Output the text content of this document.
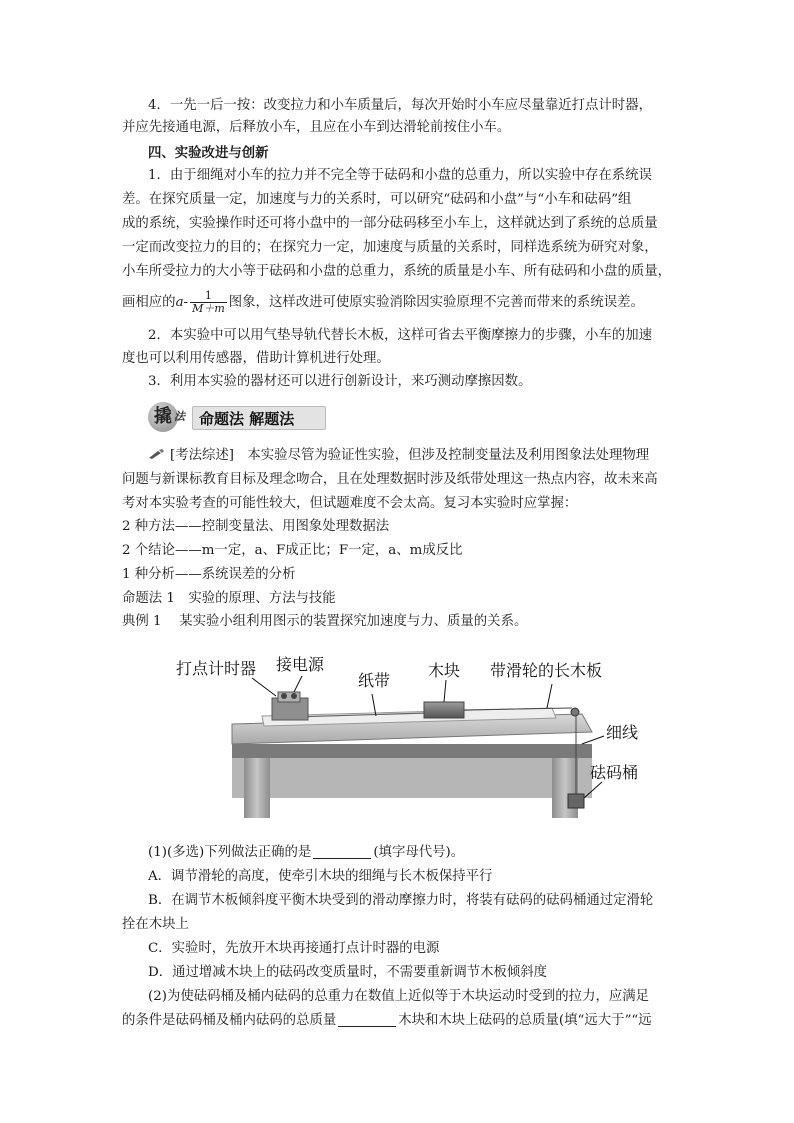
4．一先一后一按：改变拉力和小车质量后，每次开始时小车应尽量靠近打点计时器，
并应先接通电源，后释放小车，且应在小车到达滑轮前按住小车。
四、实验改进与创新
1．由于细绳对小车的拉力并不完全等于砝码和小盘的总重力，所以实验中存在系统误
差。在探究质量一定，加速度与力的关系时，可以研究“砝码和小盘”与“小车和砝码”组
成的系统，实验操作时还可将小盘中的一部分砝码移至小车上，这样就达到了系统的总质量
一定而改变拉力的目的；在探究力一定，加速度与质量的关系时，同样选系统为研究对象，
小车所受拉力的大小等于砝码和小盘的总重力，系统的质量是小车、所有砝码和小盘的质量，
画相应的$a- \frac{1}{M+m}$ 图象，这样改进可使原实验消除因实验原理不完善而带来的系统误差。
2．本实验中可以用气垫导轨代替长木板，这样可省去平衡摩擦力的步骤，小车的加速
度也可以利用传感器，借助计算机进行处理。
3．利用本实验的器材还可以进行创新设计，来巧测动摩擦因数。
撬 法 命题法 解题法
[考法综述]　本实验尽管为验证性实验，但涉及控制变量法及利用图象法处理物理
问题与新课标教育目标及理念吻合，且在处理数据时涉及纸带处理这一热点内容，故未来高
考对本实验考查的可能性较大，但试题难度不会太高。复习本实验时应掌握：
2 种方法——控制变量法、用图象处理数据法
2 个结论——m一定，a、F成正比；F一定，a、m成反比
1 种分析——系统误差的分析
命题法 1　实验的原理、方法与技能
典例 1　 某实验小组利用图示的装置探究加速度与力、质量的关系。
打点计时器 接电源
纸带
木块 带滑轮的长木板
细线
砝码桶
(1)(多选)下列做法正确的是	(填字母代号)。
A．调节滑轮的高度，使牵引木块的细绳与长木板保持平行
B．在调节木板倾斜度平衡木块受到的滑动摩擦力时，将装有砝码的砝码桶通过定滑轮
拴在木块上
C．实验时，先放开木块再接通打点计时器的电源
D．通过增减木块上的砝码改变质量时，不需要重新调节木板倾斜度
(2)为使砝码桶及桶内砝码的总重力在数值上近似等于木块运动时受到的拉力，应满足
的条件是砝码桶及桶内砝码的总质量	木块和木块上砝码的总质量(填“远大于”“远
